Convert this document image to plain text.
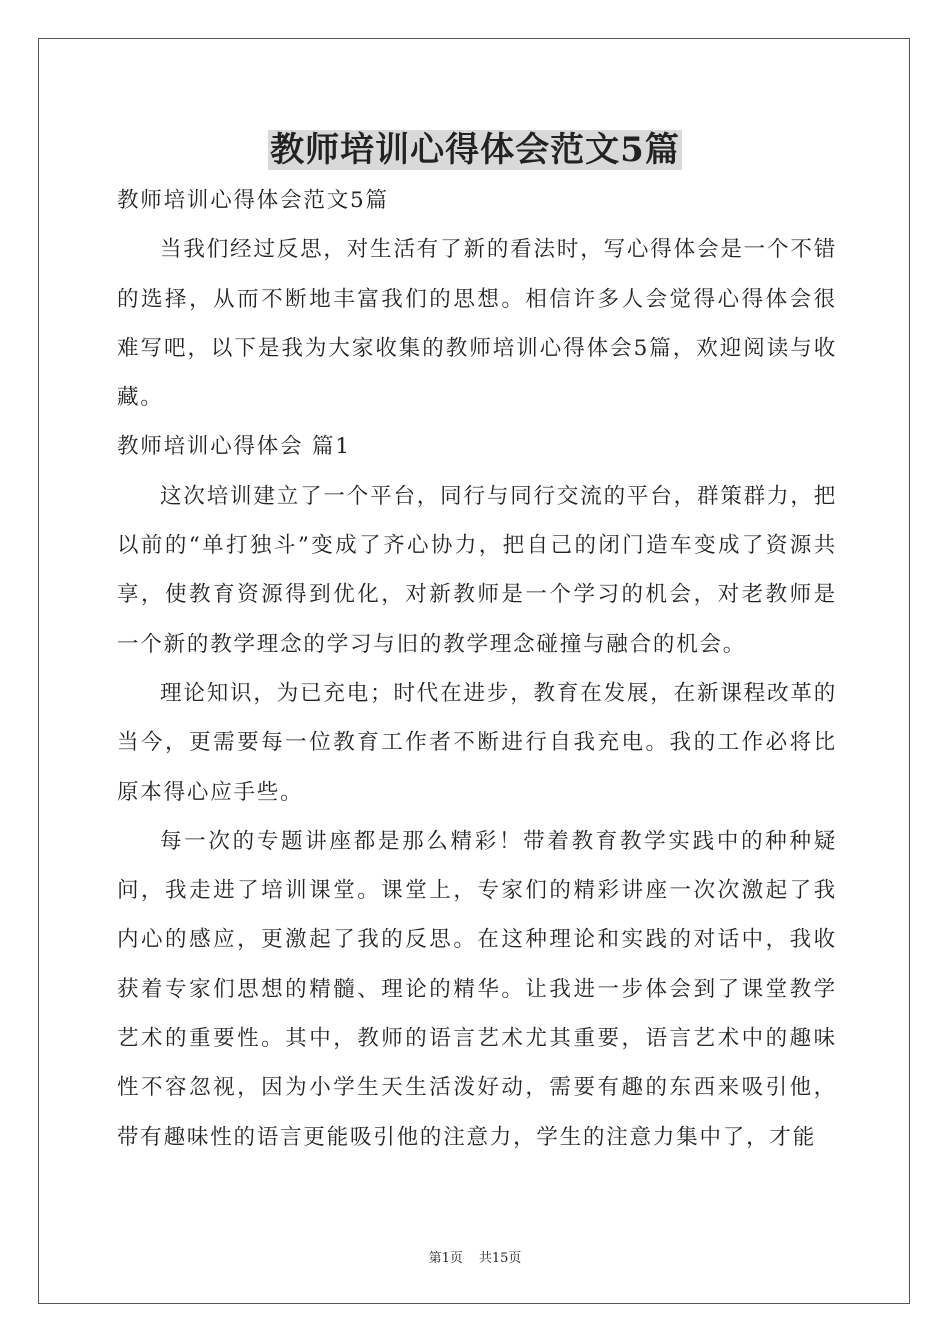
教师培训心得体会范文5篇

教师培训心得体会范文5篇

当我们经过反思，对生活有了新的看法时，写心得体会是一个不错的选择，从而不断地丰富我们的思想。相信许多人会觉得心得体会很难写吧，以下是我为大家收集的教师培训心得体会5篇，欢迎阅读与收藏。

教师培训心得体会 篇1

这次培训建立了一个平台，同行与同行交流的平台，群策群力，把以前的“单打独斗”变成了齐心协力，把自己的闭门造车变成了资源共享，使教育资源得到优化，对新教师是一个学习的机会，对老教师是一个新的教学理念的学习与旧的教学理念碰撞与融合的机会。

理论知识，为已充电；时代在进步，教育在发展，在新课程改革的当今，更需要每一位教育工作者不断进行自我充电。我的工作必将比原本得心应手些。

每一次的专题讲座都是那么精彩！带着教育教学实践中的种种疑问，我走进了培训课堂。课堂上，专家们的精彩讲座一次次激起了我内心的感应，更激起了我的反思。在这种理论和实践的对话中，我收获着专家们思想的精髓、理论的精华。让我进一步体会到了课堂教学艺术的重要性。其中，教师的语言艺术尤其重要，语言艺术中的趣味性不容忽视，因为小学生天生活泼好动，需要有趣的东西来吸引他，带有趣味性的语言更能吸引他的注意力，学生的注意力集中了，才能

第1页 共15页
